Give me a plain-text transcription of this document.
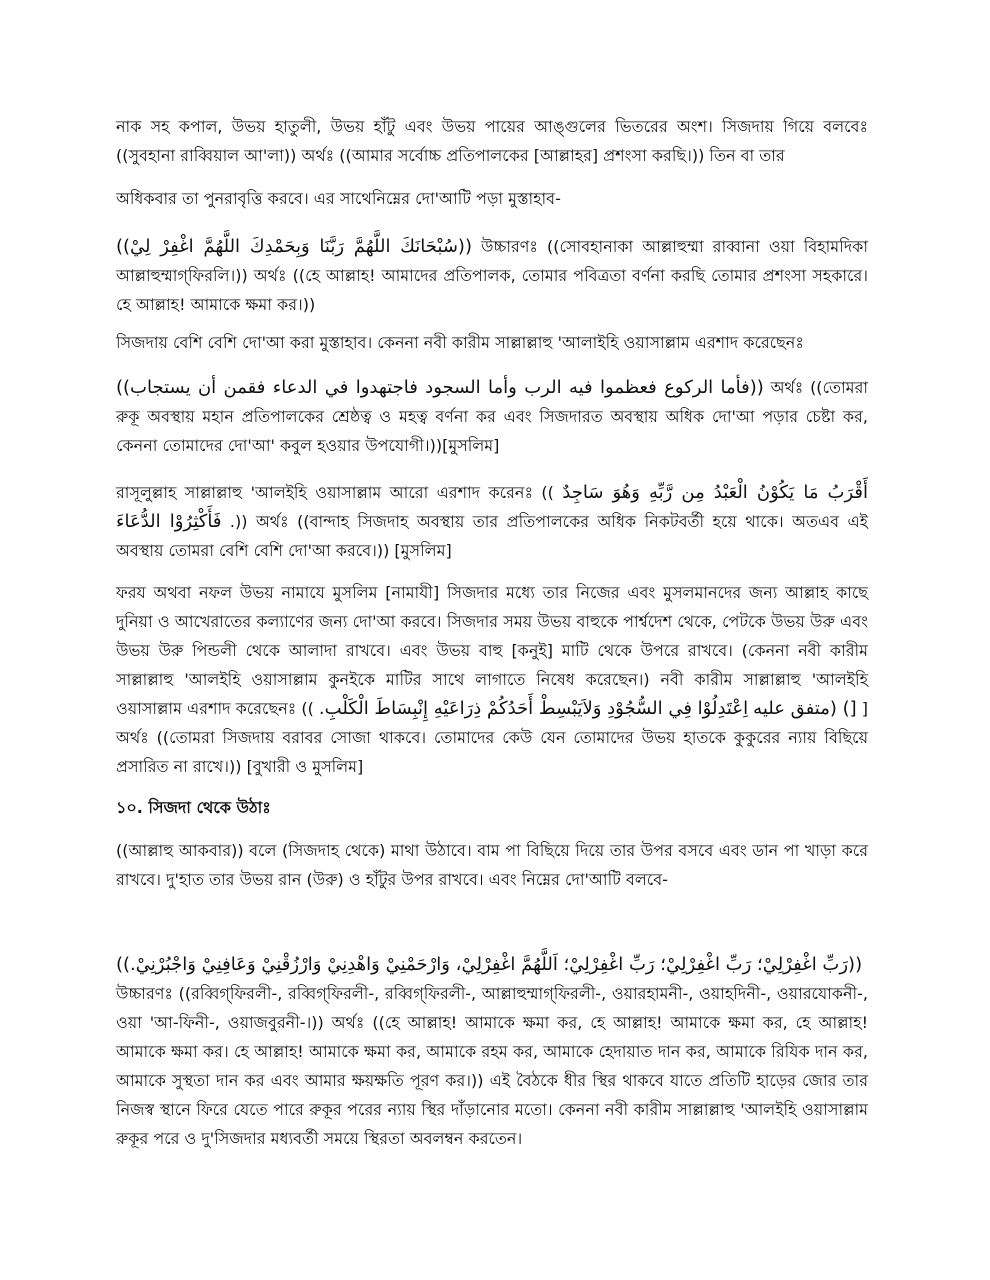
নাক সহ কপাল, উভয় হাতুলী, উভয় হাঁটু এবং উভয় পায়ের আঙ্গুলের ভিতরের অংশ। সিজদায় গিয়ে বলবেঃ ((সুবহানা রাব্বিয়াল আ'লা)) অর্থঃ ((আমার সর্বোচ্চ প্রতিপালকের [আল্লাহর] প্রশংসা করছি।)) তিন বা তার

অধিকবার তা পুনরাবৃত্তি করবে। এর সাথেনিম্নের দো'আটি পড়া মুস্তাহাব-

((سُبْحَانَكَ اللَّهُمَّ رَبَّنَا وَبِحَمْدِكَ اللَّهُمَّ اغْفِرْ لِيْ)) উচ্চারণঃ ((সোবহানাকা আল্লাহুম্মা রাব্বানা ওয়া বিহামদিকা আল্লাহুম্মাগ্‌ফিরলি।)) অর্থঃ ((হে আল্লাহ! আমাদের প্রতিপালক, তোমার পবিত্রতা বর্ণনা করছি তোমার প্রশংসা সহকারে। হে আল্লাহ! আমাকে ক্ষমা কর।))

সিজদায় বেশি বেশি দো'আ করা মুস্তাহাব। কেননা নবী কারীম সাল্লাল্লাহু 'আলাইহি ওয়াসাল্লাম এরশাদ করেছেনঃ

((فأما الركوع فعظموا فيه الرب وأما السجود فاجتهدوا في الدعاء فقمن أن يستجاب)) অর্থঃ ((তোমরা রুকূ অবস্থায় মহান প্রতিপালকের শ্রেষ্ঠত্ব ও মহত্ব বর্ণনা কর এবং সিজদারত অবস্থায় অধিক দো'আ পড়ার চেষ্টা কর, কেননা তোমাদের দো'আ' কবুল হওয়ার উপযোগী।))[মুসলিম]

রাসূলুল্লাহ সাল্লাল্লাহু 'আলইহি ওয়াসাল্লাম আরো এরশাদ করেনঃ (( أَقْرَبُ مَا يَكُوْنُ الْعَبْدُ مِن رَّبِّهِ وَهُوَ سَاجِدٌ فَأَكْثِرُوْا الدُّعَاءَ .)) অর্থঃ ((বান্দাহ সিজদাহ অবস্থায় তার প্রতিপালকের অধিক নিকটবর্তী হয়ে থাকে। অতএব এই অবস্থায় তোমরা বেশি বেশি দো'আ করবে।)) [মুসলিম]

ফরয অথবা নফল উভয় নামাযে মুসলিম [নামাযী] সিজদার মধ্যে তার নিজের এবং মুসলমানদের জন্য আল্লাহ কাছে দুনিয়া ও আখেরাতের কল্যাণের জন্য দো'আ করবে। সিজদার সময় উভয় বাহুকে পার্শ্বদেশ থেকে, পেটকে উভয় উরু এবং উভয় উরু পিন্ডলী থেকে আলাদা রাখবে। এবং উভয় বাহু [কনুই] মাটি থেকে উপরে রাখবে। (কেননা নবী কারীম সাল্লাল্লাহু 'আলইহি ওয়াসাল্লাম কুনইকে মাটির সাথে লাগাতে নিষেধ করেছেন।) নবী কারীম সাল্লাল্লাহু 'আলইহি ওয়াসাল্লাম এরশাদ করেছেনঃ (( اِعْتَدِلُوْا فِي السُّجُوْدِ وَلاَيَبْسِطْ أَحَدُكُمْ ذِرَاعَيْهِ إِنْبِسَاطَ الْكَلْبِ. [) (متفق عليه ] অর্থঃ ((তোমরা সিজদায় বরাবর সোজা থাকবে। তোমাদের কেউ যেন তোমাদের উভয় হাতকে কুকুরের ন্যায় বিছিয়ে প্রসারিত না রাখে।)) [বুখারী ও মুসলিম]

১০. সিজদা থেকে উঠাঃ

((আল্লাহু আকবার)) বলে (সিজদাহ থেকে) মাথা উঠাবে। বাম পা বিছিয়ে দিয়ে তার উপর বসবে এবং ডান পা খাড়া করে রাখবে। দু'হাত তার উভয় রান (উরু) ও হাঁটুর উপর রাখবে। এবং নিম্নের দো'আটি বলবে-

((رَبِّ اغْفِرْلِيْ؛ رَبِّ اغْفِرْلِيْ؛ رَبِّ اغْفِرْلِيْ؛ اَللَّهُمَّ اغْفِرْلِيْ، وَارْحَمْنِيْ وَاهْدِنِيْ وَارْزُقْنِيْ وَعَافِنِيْ وَاجْبُرْنِيْ.))
উচ্চারণঃ ((রব্বিগ্‌ফিরলী-, রব্বিগ্‌ফিরলী-, রব্বিগ্‌ফিরলী-, আল্লাহুম্মাগ্‌ফিরলী-, ওয়ারহামনী-, ওয়াহদিনী-, ওয়ারযোকনী-, ওয়া 'আ-ফিনী-, ওয়াজবুরনী-।)) অর্থঃ ((হে আল্লাহ! আমাকে ক্ষমা কর, হে আল্লাহ! আমাকে ক্ষমা কর, হে আল্লাহ! আমাকে ক্ষমা কর। হে আল্লাহ! আমাকে ক্ষমা কর, আমাকে রহম কর, আমাকে হেদায়াত দান কর, আমাকে রিযিক দান কর, আমাকে সুস্থতা দান কর এবং আমার ক্ষয়ক্ষতি পূরণ কর।)) এই বৈঠকে ধীর স্থির থাকবে যাতে প্রতিটি হাড়ের জোর তার নিজস্ব স্থানে ফিরে যেতে পারে রুকূর পরের ন্যায় স্থির দাঁড়ানোর মতো। কেননা নবী কারীম সাল্লাল্লাহু 'আলইহি ওয়াসাল্লাম রুকূর পরে ও দু'সিজদার মধ্যবর্তী সময়ে স্থিরতা অবলম্বন করতেন।
